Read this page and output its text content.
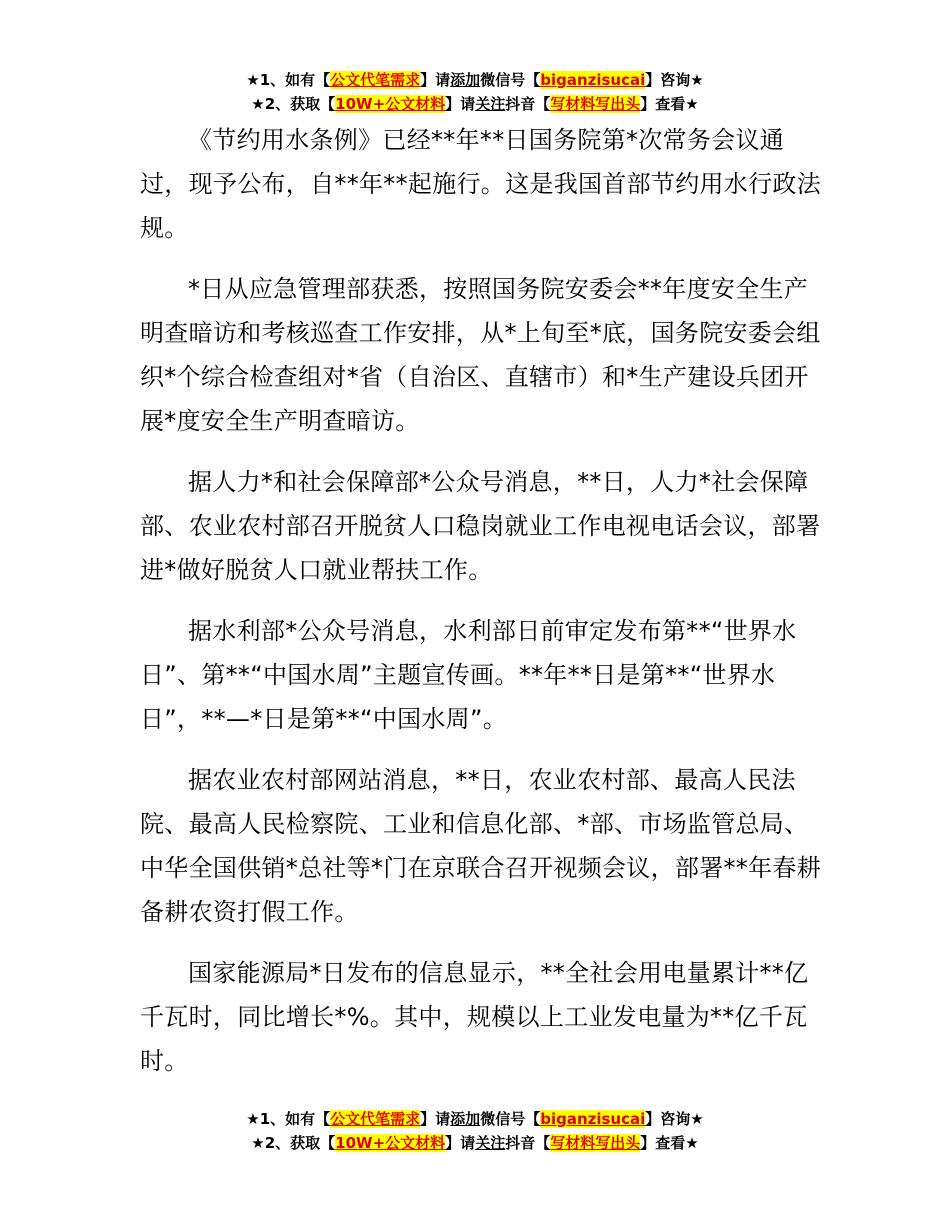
★1、如有【公文代笔需求】请添加微信号【biganzisucai】咨询★
★2、获取【10W+公文材料】请关注抖音【写材料写出头】查看★

《节约用水条例》已经**年**日国务院第*次常务会议通过，现予公布，自**年**起施行。这是我国首部节约用水行政法规。

*日从应急管理部获悉，按照国务院安委会**年度安全生产明查暗访和考核巡查工作安排，从*上旬至*底，国务院安委会组织*个综合检查组对*省（自治区、直辖市）和*生产建设兵团开展*度安全生产明查暗访。

据人力*和社会保障部*公众号消息，**日，人力*社会保障部、农业农村部召开脱贫人口稳岗就业工作电视电话会议，部署进*做好脱贫人口就业帮扶工作。

据水利部*公众号消息，水利部日前审定发布第**“世界水日”、第**“中国水周”主题宣传画。**年**日是第**“世界水日”，**—*日是第**“中国水周”。

据农业农村部网站消息，**日，农业农村部、最高人民法院、最高人民检察院、工业和信息化部、*部、市场监管总局、中华全国供销*总社等*门在京联合召开视频会议，部署**年春耕备耕农资打假工作。

国家能源局*日发布的信息显示，**全社会用电量累计**亿千瓦时，同比增长*%。其中，规模以上工业发电量为**亿千瓦时。

★1、如有【公文代笔需求】请添加微信号【biganzisucai】咨询★
★2、获取【10W+公文材料】请关注抖音【写材料写出头】查看★
